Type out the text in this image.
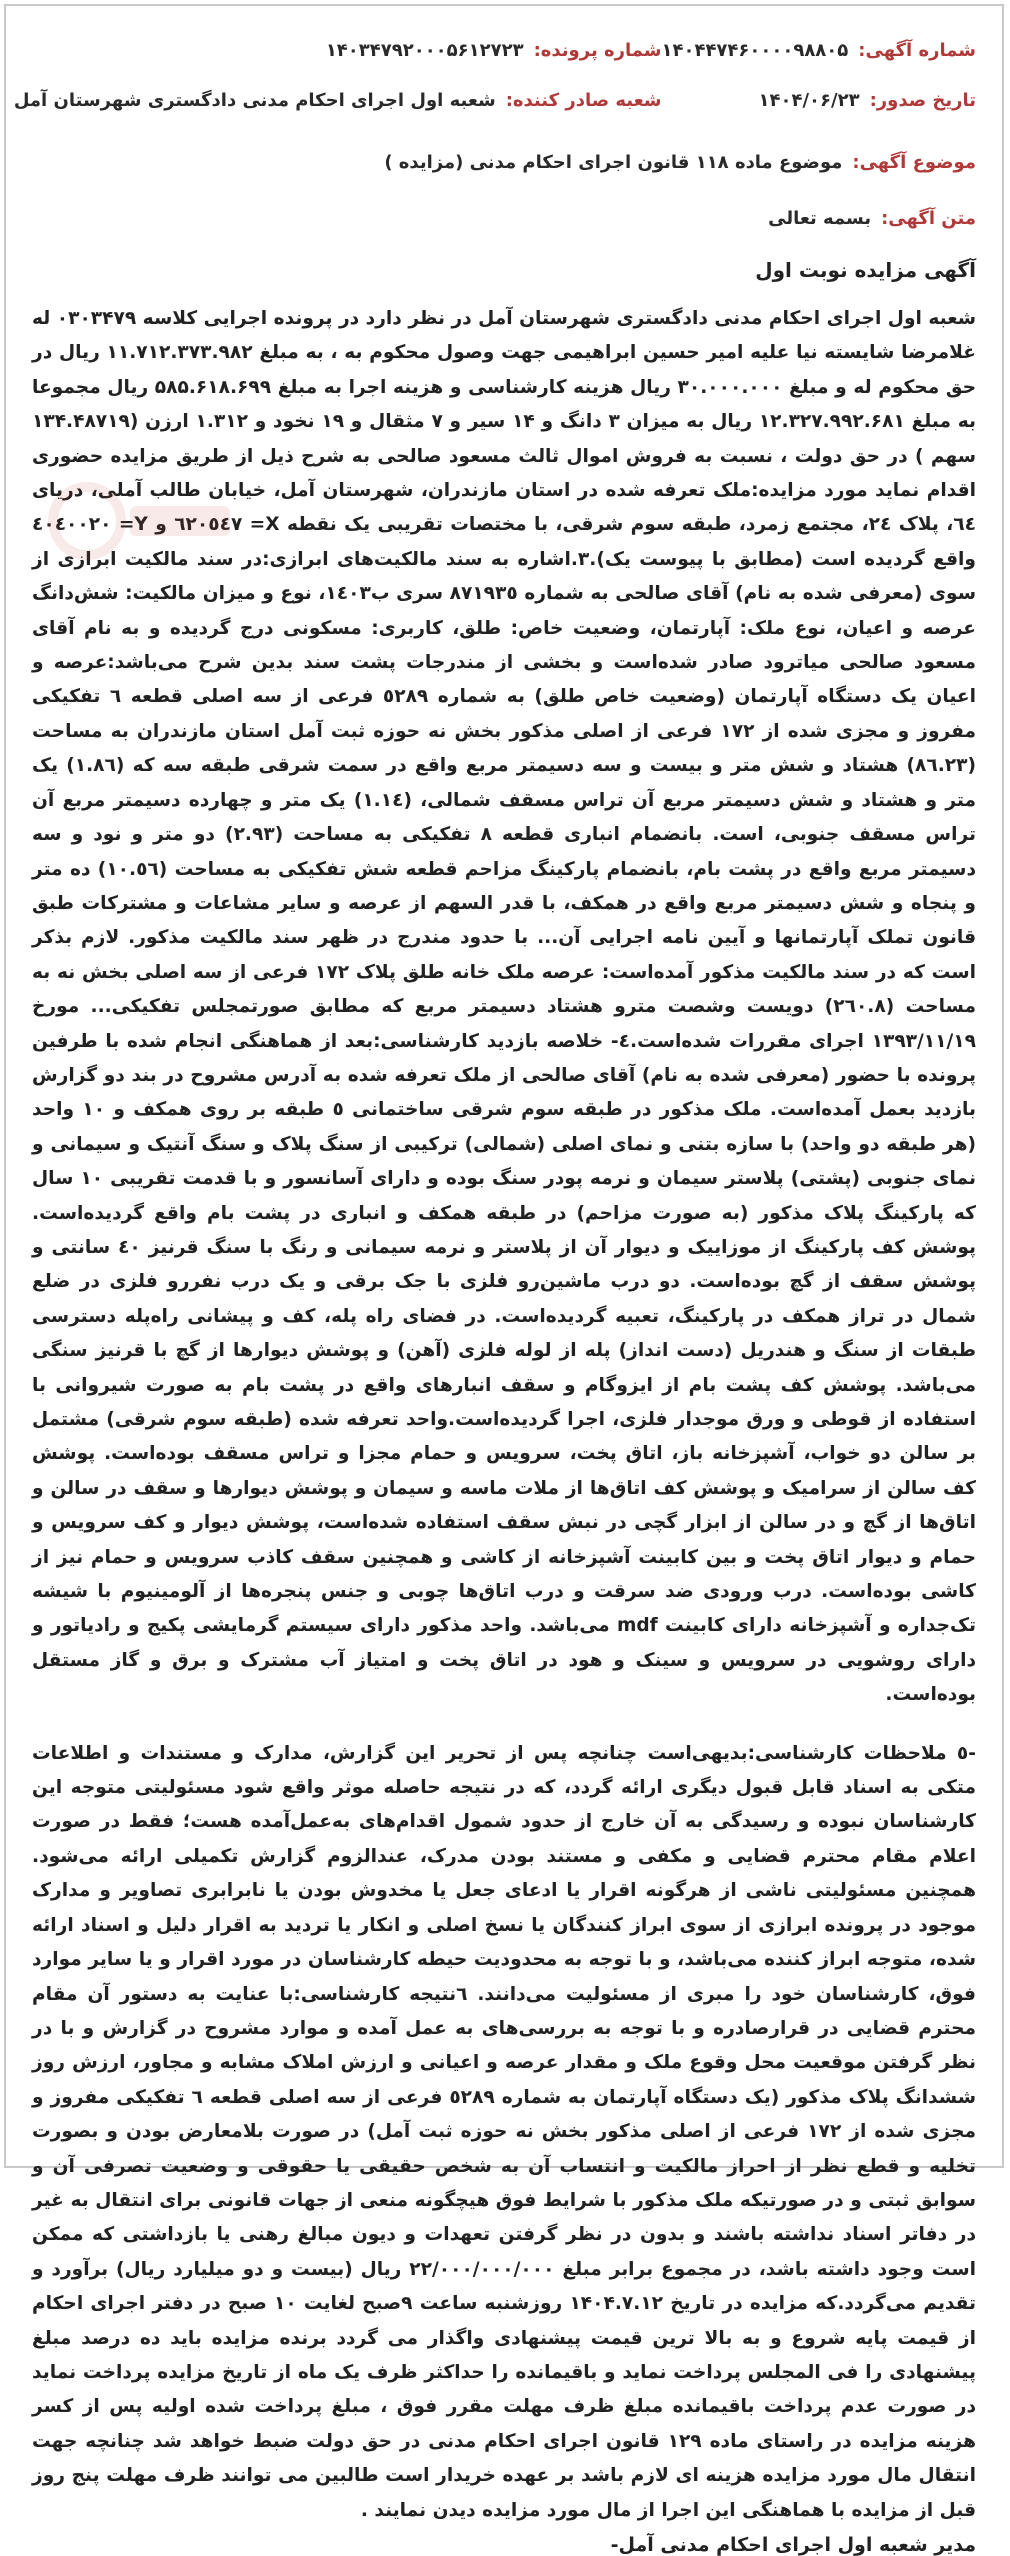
شماره آگهی:
۱۴۰۴۴۷۴۶۰۰۰۰۹۸۸۰۵
تاریخ صدور:
۱۴۰۴/۰۶/۲۳
شماره پرونده:
۱۴۰۳۴۷۹۲۰۰۰۵۶۱۲۷۲۳
شعبه صادر کننده:
شعبه اول اجرای احکام مدنی دادگستری شهرستان آمل
موضوع آگهی:
موضوع ماده ۱۱۸ قانون اجرای احکام مدنی (مزایده )
متن آگهی:
بسمه تعالی
آگهی مزایده نوبت اول

شعبه اول اجرای احکام مدنی دادگستری شهرستان آمل در نظر دارد در پرونده اجرایی کلاسه ۰۳۰۳۴۷۹ له غلامرضا شایسته نیا علیه امیر حسین ابراهیمی جهت وصول محکوم به ، به مبلغ ۱۱.۷۱۲.۳۷۳.۹۸۲ ریال در حق محکوم له و مبلغ ۳۰.۰۰۰.۰۰۰ ریال هزینه کارشناسی و هزینه اجرا به مبلغ ۵۸۵.۶۱۸.۶۹۹ ریال مجموعا به مبلغ ۱۲.۳۲۷.۹۹۲.۶۸۱ ریال به میزان ۳ دانگ و ۱۴ سیر و ۷ مثقال و ۱۹ نخود و ۱.۳۱۲ ارزن (۱۳۴.۴۸۷۱۹ سهم ) در حق دولت ، نسبت به فروش اموال ثالث مسعود صالحی به شرح ذیل از طریق مزایده حضوری اقدام نماید مورد مزایده:ملک تعرفه شده در استان مازندران، شهرستان آمل، خیابان طالب آملی، دریای ٦٤، پلاک ٢٤، مجتمع زمرد، طبقه سوم شرقی، با مختصات تقریبی یک نقطه X= ٦٢٠٥٤٧ و Y= ٤٠٤٠٠٢٠ واقع گردیده است (مطابق با پیوست یک).٣.اشاره به سند مالکیت‌های ابرازی:در سند مالکیت ابرازی از سوی (معرفی شده به نام) آقای صالحی به شماره ٨٧١٩٣٥ سری ب١٤٠٣، نوع و میزان مالکیت: شش‌دانگ عرصه و اعیان، نوع ملک: آپارتمان، وضعیت خاص: طلق، کاربری: مسکونی درج گردیده و به نام آقای مسعود صالحی میاترود صادر شده‌است و بخشی از مندرجات پشت سند بدین شرح می‌باشد:عرصه و اعیان یک دستگاه آپارتمان (وضعیت خاص طلق) به شماره ٥٢٨٩ فرعی از سه اصلی قطعه ٦ تفکیکی مفروز و مجزی شده از ١٧٢ فرعی از اصلی مذکور بخش نه حوزه ثبت آمل استان مازندران به مساحت (٨٦.٢٣) هشتاد و شش متر و بیست و سه دسیمتر مربع واقع در سمت شرقی طبقه سه که (١.٨٦) یک متر و هشتاد و شش دسیمتر مربع آن تراس مسقف شمالی، (١.١٤) یک متر و چهارده دسیمتر مربع آن تراس مسقف جنوبی، است. بانضمام انباری قطعه ٨ تفکیکی به مساحت (٢.٩٣) دو متر و نود و سه دسیمتر مربع واقع در پشت بام، بانضمام پارکینگ مزاحم قطعه شش تفکیکی به مساحت (١٠.٥٦) ده متر و پنجاه و شش دسیمتر مربع واقع در همکف، با قدر السهم از عرصه و سایر مشاعات و مشترکات طبق قانون تملک آپارتمانها و آیین نامه اجرایی آن... با حدود مندرج در ظهر سند مالکیت مذکور. لازم بذکر است که در سند مالکیت مذکور آمده‌است: عرصه ملک خانه طلق پلاک ١٧٢ فرعی از سه اصلی بخش نه به مساحت (٢٦٠.٨) دویست وشصت مترو هشتاد دسیمتر مربع که مطابق صورتمجلس تفکیکی... مورخ ١٣٩٣/١١/١٩ اجرای مقررات شده‌است.٤- خلاصه بازدید کارشناسی:بعد از هماهنگی انجام شده با طرفین پرونده با حضور (معرفی شده به نام) آقای صالحی از ملک تعرفه شده به آدرس مشروح در بند دو گزارش بازدید بعمل آمده‌است. ملک مذکور در طبقه سوم شرقی ساختمانی ٥ طبقه بر روی همکف و ١٠ واحد (هر طبقه دو واحد) با سازه بتنی و نمای اصلی (شمالی) ترکیبی از سنگ پلاک و سنگ آنتیک و سیمانی و نمای جنوبی (پشتی) پلاستر سیمان و نرمه پودر سنگ بوده و دارای آسانسور و با قدمت تقریبی ١٠ سال که پارکینگ پلاک مذکور (به صورت مزاحم) در طبقه همکف و انباری در پشت بام واقع گردیده‌است. پوشش کف پارکینگ از موزاییک و دیوار آن از پلاستر و نرمه سیمانی و رنگ با سنگ قرنیز ٤٠ سانتی و پوشش سقف از گچ بوده‌است. دو درب ماشین‌رو فلزی با جک برقی و یک درب نفررو فلزی در ضلع شمال در تراز همکف در پارکینگ، تعبیه گردیده‌است. در فضای راه پله، کف و پیشانی راه‌پله دسترسی طبقات از سنگ و هندریل (دست انداز) پله از لوله فلزی (آهن) و پوشش دیوارها از گچ با قرنیز سنگی می‌باشد. پوشش کف پشت بام از ایزوگام و سقف انبارهای واقع در پشت بام به صورت شیروانی با استفاده از قوطی و ورق موجدار فلزی، اجرا گردیده‌است.واحد تعرفه شده (طبقه سوم شرقی) مشتمل بر سالن دو خواب، آشپزخانه باز، اتاق پخت، سرویس و حمام مجزا و تراس مسقف بوده‌است. پوشش کف سالن از سرامیک و پوشش کف اتاق‌ها از ملات ماسه و سیمان و پوشش دیوارها و سقف در سالن و اتاق‌ها از گچ و در سالن از ابزار گچی در نبش سقف استفاده شده‌است، پوشش دیوار و کف سرویس و حمام و دیوار اتاق پخت و بین کابینت آشپزخانه از کاشی و همچنین سقف کاذب سرویس و حمام نیز از کاشی بوده‌است. درب ورودی ضد سرقت و درب اتاق‌ها چوبی و جنس پنجره‌ها از آلومینیوم با شیشه تک‌جداره و آشپزخانه دارای کابینت mdf می‌باشد. واحد مذکور دارای سیستم گرمایشی پکیج و رادیاتور و دارای روشویی در سرویس و سینک و هود در اتاق پخت و امتیاز آب مشترک و برق و گاز مستقل بوده‌است.

-٥ ملاحظات کارشناسی:بدیهی‌است چنانچه پس از تحریر این گزارش، مدارک و مستندات و اطلاعات متکی به اسناد قابل قبول دیگری ارائه گردد، که در نتیجه حاصله موثر واقع شود مسئولیتی متوجه این کارشناسان نبوده و رسیدگی به آن خارج از حدود شمول اقدام‌های به‌عمل‌آمده هست؛ فقط در صورت اعلام مقام محترم قضایی و مکفی و مستند بودن مدرک، عندالزوم گزارش تکمیلی ارائه می‌شود. همچنین مسئولیتی ناشی از هرگونه اقرار یا ادعای جعل یا مخدوش بودن یا نابرابری تصاویر و مدارک موجود در پرونده ابرازی از سوی ابراز کنندگان یا نسخ اصلی و انکار یا تردید به اقرار دلیل و اسناد ارائه شده، متوجه ابراز کننده می‌باشد، و با توجه به محدودیت حیطه کارشناسان در مورد اقرار و یا سایر موارد فوق، کارشناسان خود را مبری از مسئولیت می‌دانند. ٦نتیجه کارشناسی:با عنایت به دستور آن مقام محترم قضایی در قرارصادره و با توجه به بررسی‌های به عمل آمده و موارد مشروح در گزارش و با در نظر گرفتن موقعیت محل وقوع ملک و مقدار عرصه و اعیانی و ارزش املاک مشابه و مجاور، ارزش روز ششدانگ پلاک مذکور (یک دستگاه آپارتمان به شماره ٥٢٨٩ فرعی از سه اصلی قطعه ٦ تفکیکی مفروز و مجزی شده از ١٧٢ فرعی از اصلی مذکور بخش نه حوزه ثبت آمل) در صورت بلامعارض بودن و بصورت تخلیه و قطع نظر از احراز مالکیت و انتساب آن به شخص حقیقی یا حقوقی و وضعیت تصرفی آن و سوابق ثبتی و در صورتیکه ملک مذکور با شرایط فوق هیچگونه منعی از جهات قانونی برای انتقال به غیر در دفاتر اسناد نداشته باشند و بدون در نظر گرفتن تعهدات و دیون مبالغ رهنی یا بازداشتی که ممکن است وجود داشته باشد، در مجموع برابر مبلغ ۲۲/۰۰۰/۰۰۰/۰۰۰ ریال (بیست و دو میلیارد ریال) برآورد و تقدیم می‌گردد.که مزایده در تاریخ ۱۴۰۴.۷.۱۲ روزشنبه ساعت ۹صبح لغایت ۱۰ صبح در دفتر اجرای احکام از قیمت پایه شروع و به بالا ترین قیمت پیشنهادی واگذار می گردد برنده مزایده باید ده درصد مبلغ پیشنهادی را فی المجلس پرداخت نماید و باقیمانده را حداکثر ظرف یک ماه از تاریخ مزایده پرداخت نماید در صورت عدم پرداخت باقیمانده مبلغ ظرف مهلت مقرر فوق ، مبلغ پرداخت شده اولیه پس از کسر هزینه مزایده در راستای ماده ۱۲۹ قانون اجرای احکام مدنی در حق دولت ضبط خواهد شد چنانچه جهت انتقال مال مورد مزایده هزینه ای لازم باشد بر عهده خریدار است طالبین می توانند ظرف مهلت پنج روز قبل از مزایده با هماهنگی این اجرا از مال مورد مزایده دیدن نمایند .

مدیر شعبه اول اجرای احکام مدنی آمل-
